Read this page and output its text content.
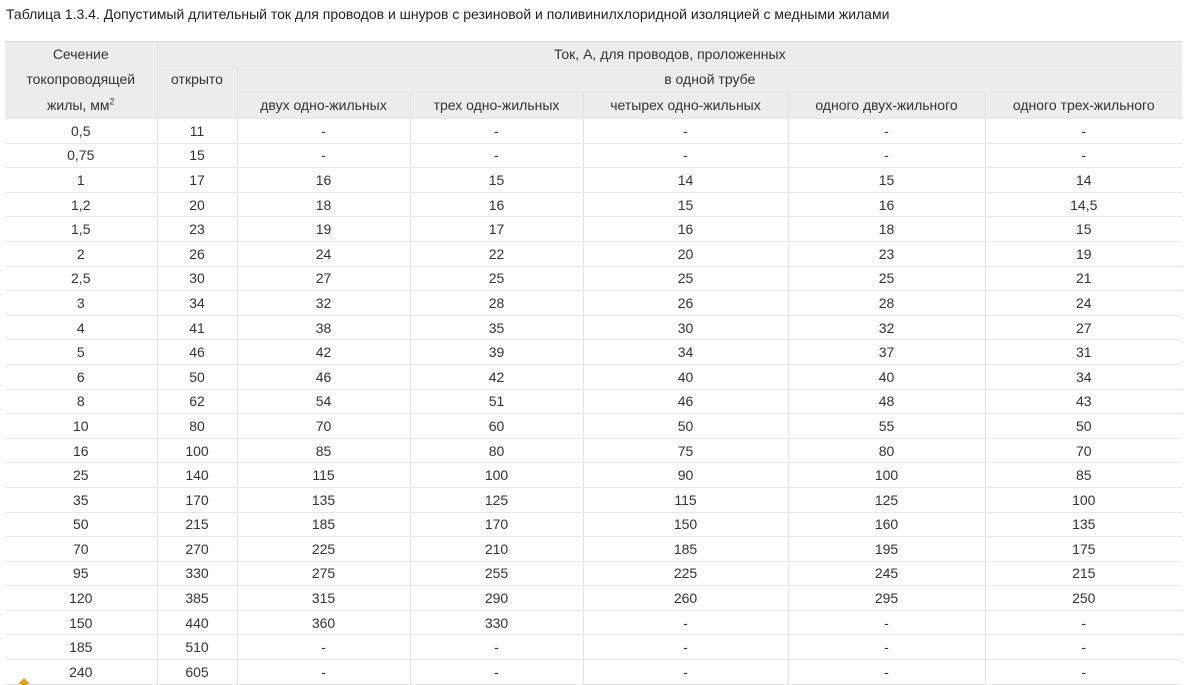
Таблица 1.3.4. Допустимый длительный ток для проводов и шнуров с резиновой и поливинилхлоридной изоляцией с медными жилами
Сечение	Ток, А, для проводов, проложенных					
токопроводящей	открыто	в одной трубе				
жилы, $мм^2$		двух одно-жильных	трех одно-жильных	четырех одно-жильных	одного двух-жильного	одного трех-жильного
0,5	11	-	-	-	-	-
0,75	15	-	-	-	-	-
1	17	16	15	14	15	14
1,2	20	18	16	15	16	14,5
1,5	23	19	17	16	18	15
2	26	24	22	20	23	19
2,5	30	27	25	25	25	21
3	34	32	28	26	28	24
4	41	38	35	30	32	27
5	46	42	39	34	37	31
6	50	46	42	40	40	34
8	62	54	51	46	48	43
10	80	70	60	50	55	50
16	100	85	80	75	80	70
25	140	115	100	90	100	85
35	170	135	125	115	125	100
50	215	185	170	150	160	135
70	270	225	210	185	195	175
95	330	275	255	225	245	215
120	385	315	290	260	295	250
150	440	360	330	-	-	-
185	510	-	-	-	-	-
240	605	-	-	-	-	-
